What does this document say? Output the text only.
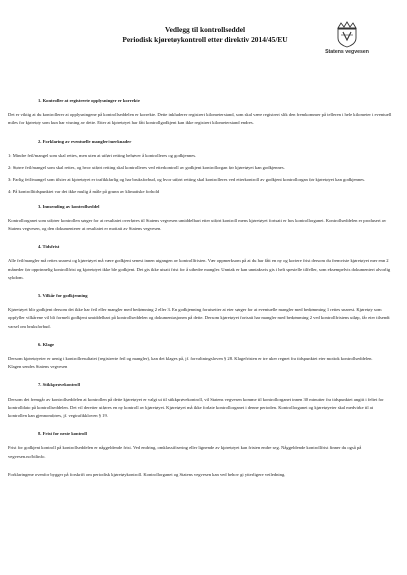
Vedlegg til kontrollseddel
Periodisk kjøretøykontroll etter direktiv 2014/45/EU
Statens vegvesen
1. Kontroller at registrerte opplysninger er korrekte
Det er viktig at du kontrollerer at opplysningene på kontrollseddelen er korrekte. Dette inkluderer registrert kilometerstand, som skal være registrert slik den fremkommer på telleren i hele kilometer i eventuell miles for kjøretøy som kun har visning av dette. Etter at kjøretøyet har fått kontrollgodkjent kan ikke registrert kilometerstand endres.
2. Forklaring av eventuelle mangler/merknader
1: Mindre feil/mangel som skal rettes, men uten at utført retting behøver å kontrolleres og godkjennes.
2: Større feil/mangel som skal rettes, og hvor utført retting skal kontrolleres ved etterkontroll av godkjent kontrollorgan før kjøretøyet kan godkjennes.
3: Farlig feil/mangel som tilsier at kjøretøyet er trafikkfarlig og har bruksforbud, og hvor utført retting skal kontrolleres ved etterkontroll av godkjent kontrollorgan før kjøretøyet kan godkjennes.
4: På kontrolltidspunktet var det ikke mulig å måle på grunn av klimatiske forhold
3. Innsending av kontrollseddel
Kontrollorganet som utfører kontrollen sørger for at resultatet overføres til Statens vegvesen umiddelbart etter utført kontroll mens kjøretøyet fortsatt er hos kontrollorganet. Kontrollseddelen er produsert av Statens vegvesen, og den dokumenterer at resultatet er mottatt av Statens vegvesen.
4. Tidsfrist
Alle feil/mangler må rettes snarest og kjøretøyet må være godkjent senest innen utgangen av kontrollfristen. Vær oppmerksom på at du har fått en ny og kortere frist dersom du fremviste kjøretøyet mer enn 2 måneder før opprinnelig kontrollfrist og kjøretøyet ikke ble godkjent. Det gis ikke utsatt frist for å utbedre mangler. Unntak er kan unntaksvis gis i helt spesielle tilfeller, som eksempelvis dokumentert alvorlig sykdom.
5. Vilkår for godkjenning
Kjøretøyet blir godkjent dersom det ikke har feil eller mangler med bedømning 2 eller 3. En godkjenning forutsetter at eier sørger for at eventuelle mangler med bedømming 1 rettes snarest. Kjøretøy som oppfyller vilkårene vil bli formelt godkjent umiddelbart på kontrollseddelen og dokumentasjonen på dette. Dersom kjøretøyet fortsatt har mangler med bedømming 2 ved kontrollfristens utløp, får eier tilsendt varsel om bruksforbud.
6. Klage
Dersom kjøretøyeier er uenig i kontrollresultatet (registrerte feil og mangler), kan det klages på, jf. forvaltningsloven § 28. Klagefristen er tre uker regnet fra tidspunktet eier mottok kontrollseddelen.
Klagen sendes Statens vegvesen
7. Stikkprøvekontroll
Dersom det fremgår av kontrollseddelen at kontrollen på dette kjøretøyet er valgt ut til stikkprøvekontroll, vil Statens vegvesen komme til kontrollorganet innen 30 minutter fra tidspunktet angitt i feltet for kontrolldato på kontrollseddelen. Det vil deretter utføres en ny kontroll av kjøretøyet. Kjøretøyet må ikke forlate kontrollorganet i denne perioden. Kontrollorganet og kjøretøyeier skal medvirke til at kontrollen kan gjennomføres, jf. vegtrafikkloven § 19.
8. Frist for neste kontroll
Frist for godkjent kontroll på kontrollseddelen er någgeldende frist. Ved endring, omklassifisering eller lignende av kjøretøyet kan fristen endre seg. Någgeldende kontrollfrist finner du også på vegvesen.no/bilinfo.
Forklaringene ovenfor bygger på forskrift om periodisk kjøretøykontroll. Kontrollorganet og Statens vegvesen kan ved behov gi ytterligere veiledning.
